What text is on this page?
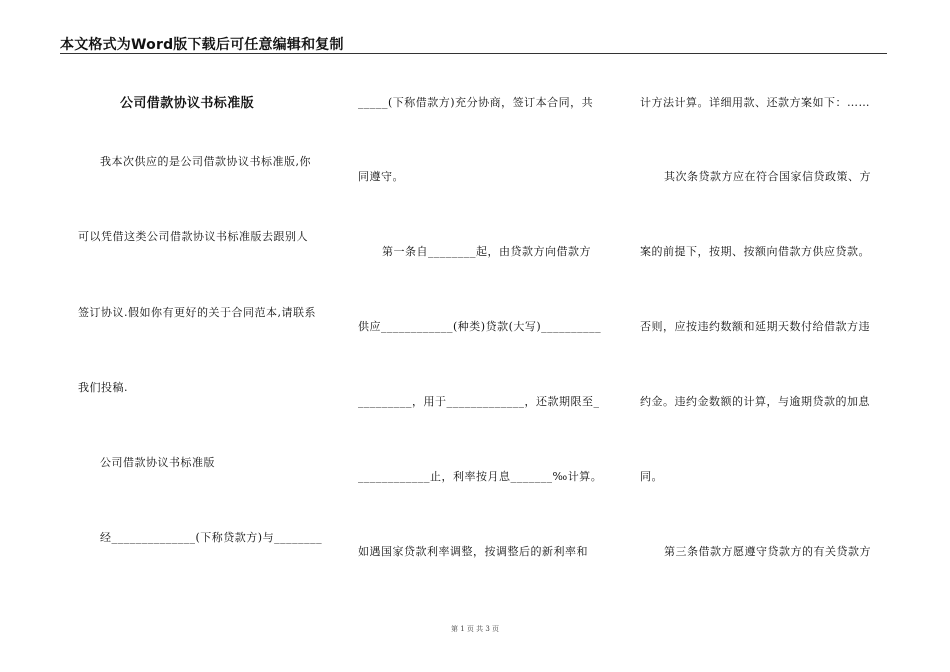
本文格式为Word版下载后可任意编辑和复制
公司借款协议书标准版
我本次供应的是公司借款协议书标准版,你
可以凭借这类公司借款协议书标准版去跟别人
签订协议.假如你有更好的关于合同范本,请联系
我们投稿.
公司借款协议书标准版
经______________(下称贷款方)与________
_____(下称借款方)充分协商，签订本合同，共
同遵守。
第一条自________起，由贷款方向借款方
供应____________(种类)贷款(大写)__________
_________，用于_____________，还款期限至_
____________止，利率按月息_______‰计算。
如遇国家贷款利率调整，按调整后的新利率和
计方法计算。详细用款、还款方案如下：……
其次条贷款方应在符合国家信贷政策、方
案的前提下，按期、按额向借款方供应贷款。
否则，应按违约数额和延期天数付给借款方违
约金。违约金数额的计算，与逾期贷款的加息
同。
第三条借款方愿遵守贷款方的有关贷款方
第 1 页 共 3 页
